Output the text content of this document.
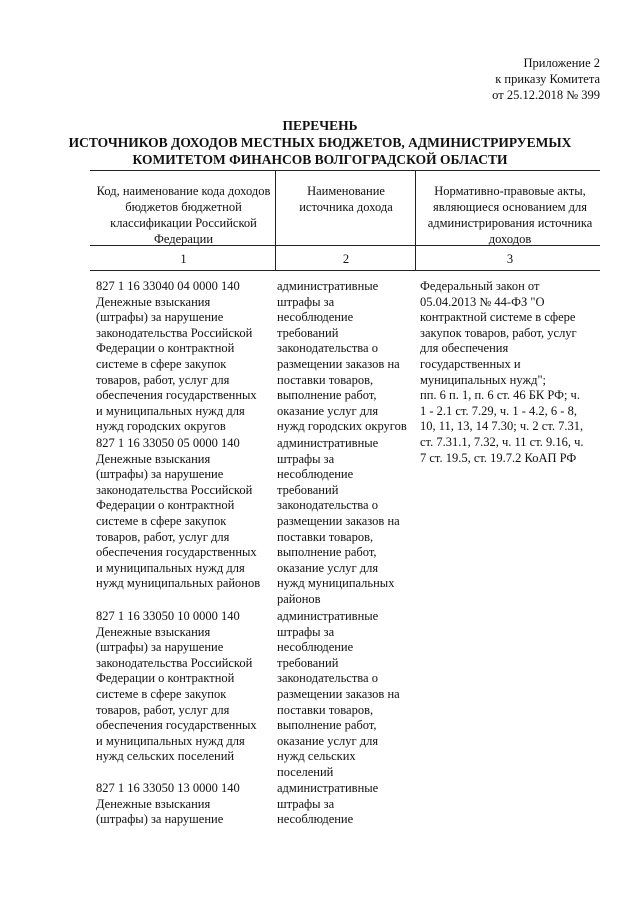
Приложение 2
к приказу Комитета
от 25.12.2018 № 399
ПЕРЕЧЕНЬ
ИСТОЧНИКОВ ДОХОДОВ МЕСТНЫХ БЮДЖЕТОВ, АДМИНИСТРИРУЕМЫХ
КОМИТЕТОМ ФИНАНСОВ ВОЛГОГРАДСКОЙ ОБЛАСТИ
Код, наименование кода доходов бюджетов бюджетной классификации Российской Федерации
Наименование источника дохода
Нормативно-правовые акты, являющиеся основанием для администрирования источника доходов
1	2	3

827 1 16 33040 04 0000 140

Денежные взыскания

(штрафы) за нарушение

законодательства Российской

Федерации о контрактной

системе в сфере закупок

товаров, работ, услуг для

обеспечения государственных

и муниципальных нужд для

нужд городских округов

административные

штрафы за

несоблюдение

требований

законодательства о

размещении заказов на

поставки товаров,

выполнение работ,

оказание услуг для

нужд городских округов

Федеральный закон от

05.04.2013 № 44-ФЗ "О

контрактной системе в сфере

закупок товаров, работ, услуг

для обеспечения

государственных и

муниципальных нужд";

пп. 6 п. 1, п. 6 ст. 46 БК РФ; ч.

1 - 2.1 ст. 7.29, ч. 1 - 4.2, 6 - 8,

10, 11, 13, 14 7.30; ч. 2 ст. 7.31,

ст. 7.31.1, 7.32, ч. 11 ст. 9.16, ч.

7 ст. 19.5, ст. 19.7.2 КоАП РФ

827 1 16 33050 05 0000 140

Денежные взыскания

(штрафы) за нарушение

законодательства Российской

Федерации о контрактной

системе в сфере закупок

товаров, работ, услуг для

обеспечения государственных

и муниципальных нужд для

нужд муниципальных районов

административные

штрафы за

несоблюдение

требований

законодательства о

размещении заказов на

поставки товаров,

выполнение работ,

оказание услуг для

нужд муниципальных

районов

827 1 16 33050 10 0000 140

Денежные взыскания

(штрафы) за нарушение

законодательства Российской

Федерации о контрактной

системе в сфере закупок

товаров, работ, услуг для

обеспечения государственных

и муниципальных нужд для

нужд сельских поселений

административные

штрафы за

несоблюдение

требований

законодательства о

размещении заказов на

поставки товаров,

выполнение работ,

оказание услуг для

нужд сельских

поселений

827 1 16 33050 13 0000 140

Денежные взыскания

(штрафы) за нарушение

административные

штрафы за

несоблюдение
